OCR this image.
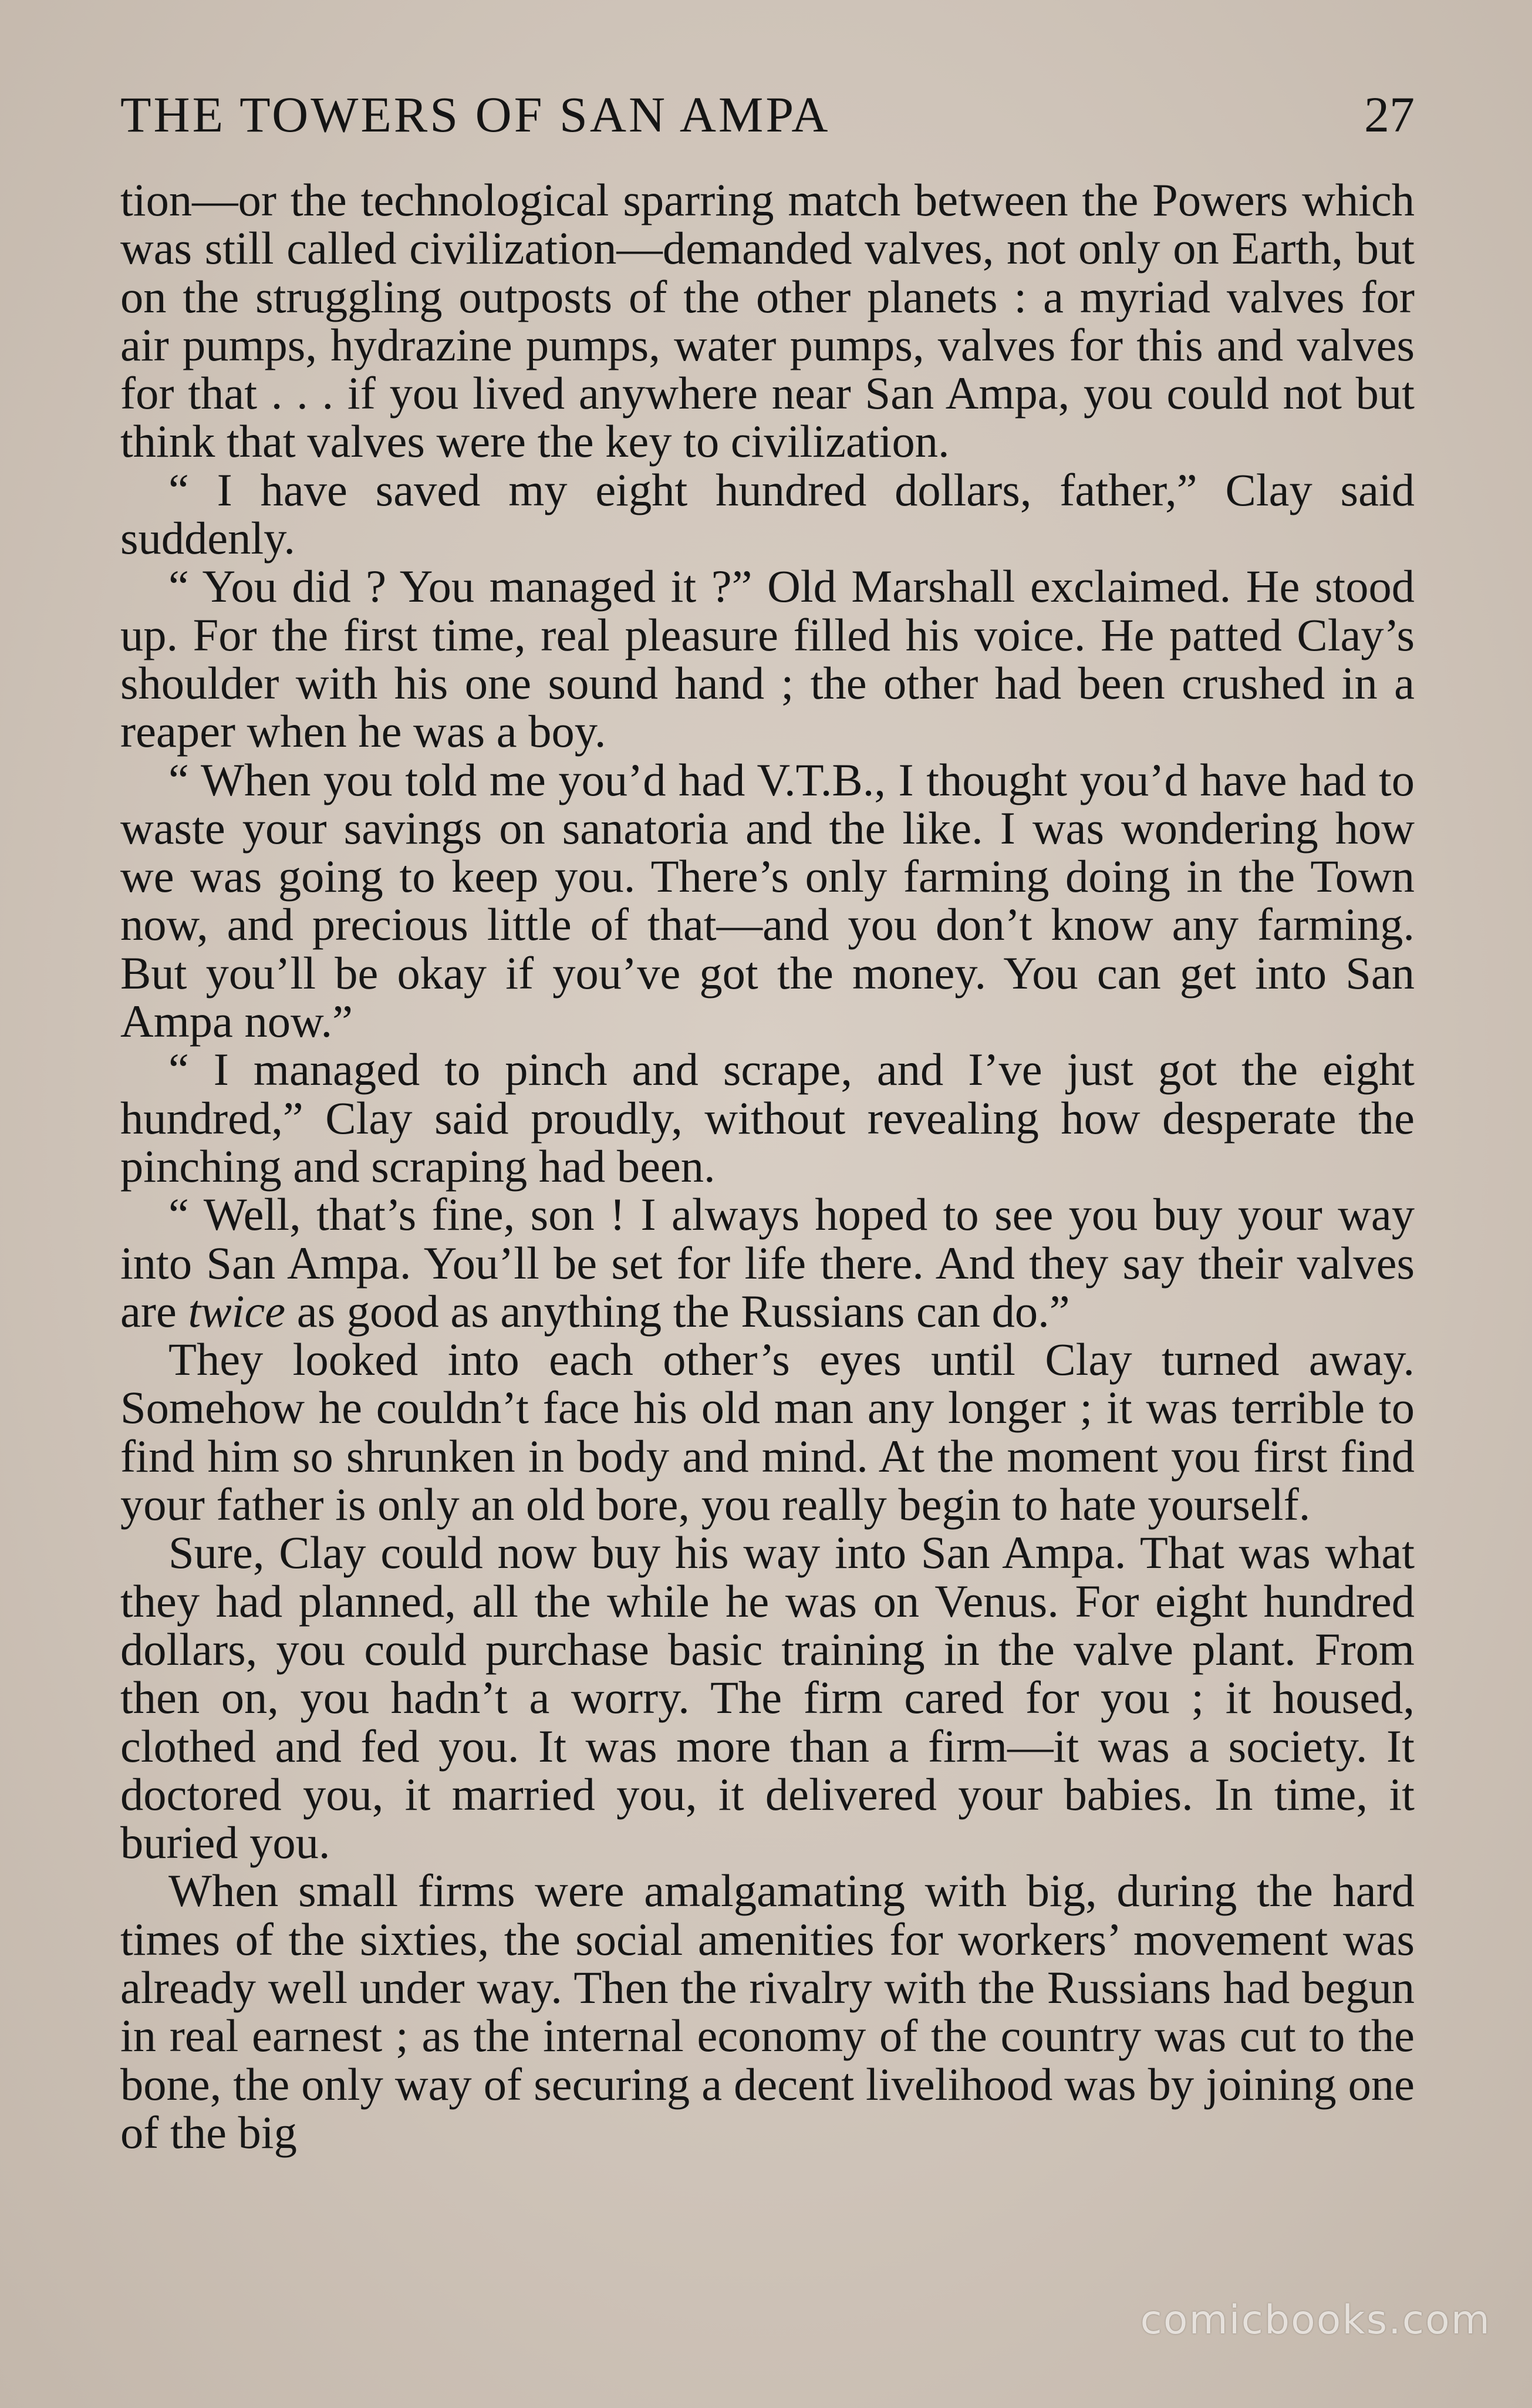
THE TOWERS OF SAN AMPA	27

tion—or the technological sparring match between the Powers which was still called civilization—demanded valves, not only on Earth, but on the struggling outposts of the other planets : a myriad valves for air pumps, hydrazine pumps, water pumps, valves for this and valves for that . . . if you lived anywhere near San Ampa, you could not but think that valves were the key to civilization.

“ I have saved my eight hundred dollars, father,” Clay said suddenly.

“ You did ? You managed it ?” Old Marshall exclaimed. He stood up. For the first time, real pleasure filled his voice. He patted Clay’s shoulder with his one sound hand ; the other had been crushed in a reaper when he was a boy.

“ When you told me you’d had V.T.B., I thought you’d have had to waste your savings on sanatoria and the like. I was wondering how we was going to keep you. There’s only farming doing in the Town now, and precious little of that—and you don’t know any farming. But you’ll be okay if you’ve got the money. You can get into San Ampa now.”

“ I managed to pinch and scrape, and I’ve just got the eight hundred,” Clay said proudly, without revealing how desperate the pinching and scraping had been.

“ Well, that’s fine, son ! I always hoped to see you buy your way into San Ampa. You’ll be set for life there. And they say their valves are twice as good as anything the Russians can do.”

They looked into each other’s eyes until Clay turned away. Somehow he couldn’t face his old man any longer ; it was terrible to find him so shrunken in body and mind. At the moment you first find your father is only an old bore, you really begin to hate yourself.

Sure, Clay could now buy his way into San Ampa. That was what they had planned, all the while he was on Venus. For eight hundred dollars, you could purchase basic training in the valve plant. From then on, you hadn’t a worry. The firm cared for you ; it housed, clothed and fed you. It was more than a firm—it was a society. It doctored you, it married you, it delivered your babies. In time, it buried you.

When small firms were amalgamating with big, during the hard times of the sixties, the social amenities for workers’ movement was already well under way. Then the rivalry with the Russians had begun in real earnest ; as the internal economy of the country was cut to the bone, the only way of securing a decent livelihood was by joining one of the big

comicbooks.com
